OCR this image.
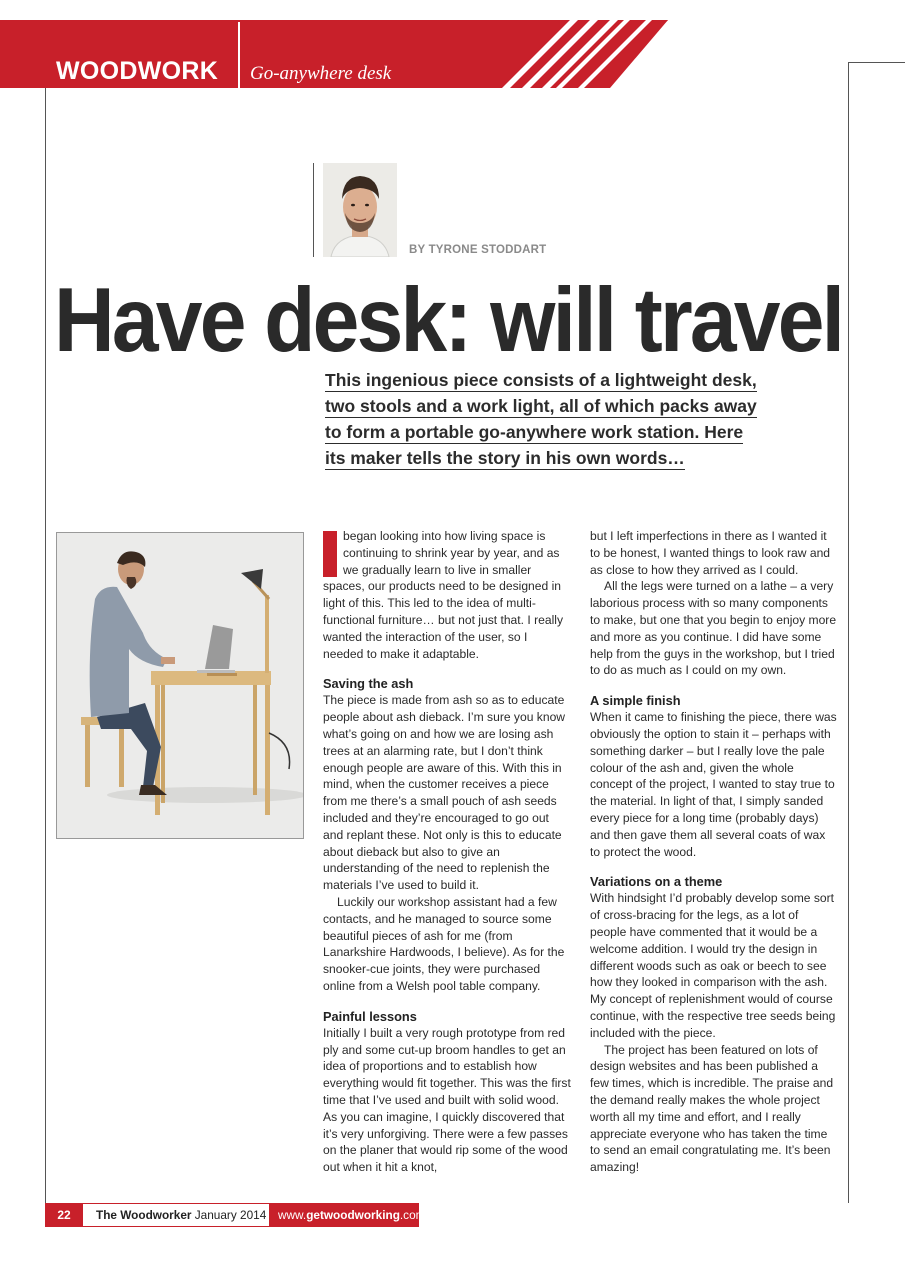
WOODWORK Go-anywhere desk
BY TYRONE STODDART
Have desk: will travel
This ingenious piece consists of a lightweight desk,
two stools and a work light, all of which packs away
to form a portable go-anywhere work station. Here
its maker tells the story in his own words…

began looking into how living space is continuing to shrink year by year, and as we gradually learn to live in smaller spaces, our products need to be designed in light of this. This led to the idea of multi-functional furniture… but not just that. I really wanted the interaction of the user, so I needed to make it adaptable.

Saving the ash

The piece is made from ash so as to educate people about ash dieback. I’m sure you know what’s going on and how we are losing ash trees at an alarming rate, but I don’t think enough people are aware of this. With this in mind, when the customer receives a piece from me there’s a small pouch of ash seeds included and they’re encouraged to go out and replant these. Not only is this to educate about dieback but also to give an understanding of the need to replenish the materials I’ve used to build it.

Luckily our workshop assistant had a few contacts, and he managed to source some beautiful pieces of ash for me (from Lanarkshire Hardwoods, I believe). As for the snooker-cue joints, they were purchased online from a Welsh pool table company.

Painful lessons

Initially I built a very rough prototype from red ply and some cut-up broom handles to get an idea of proportions and to establish how everything would fit together. This was the first time that I’ve used and built with solid wood. As you can imagine, I quickly discovered that it’s very unforgiving. There were a few passes on the planer that would rip some of the wood out when it hit a knot,

but I left imperfections in there as I wanted it to be honest, I wanted things to look raw and as close to how they arrived as I could.

All the legs were turned on a lathe – a very laborious process with so many components to make, but one that you begin to enjoy more and more as you continue. I did have some help from the guys in the workshop, but I tried to do as much as I could on my own.

A simple finish

When it came to finishing the piece, there was obviously the option to stain it – perhaps with something darker – but I really love the pale colour of the ash and, given the whole concept of the project, I wanted to stay true to the material. In light of that, I simply sanded every piece for a long time (probably days) and then gave them all several coats of wax to protect the wood.

Variations on a theme

With hindsight I’d probably develop some sort of cross-bracing for the legs, as a lot of people have commented that it would be a welcome addition. I would try the design in different woods such as oak or beech to see how they looked in comparison with the ash. My concept of replenishment would of course continue, with the respective tree seeds being included with the piece.

The project has been featured on lots of design websites and has been published a few times, which is incredible. The praise and the demand really makes the whole project worth all my time and effort, and I really appreciate everyone who has taken the time to send an email congratulating me. It’s been amazing!

22	The Woodworker January 2014 www.getwoodworking.com
